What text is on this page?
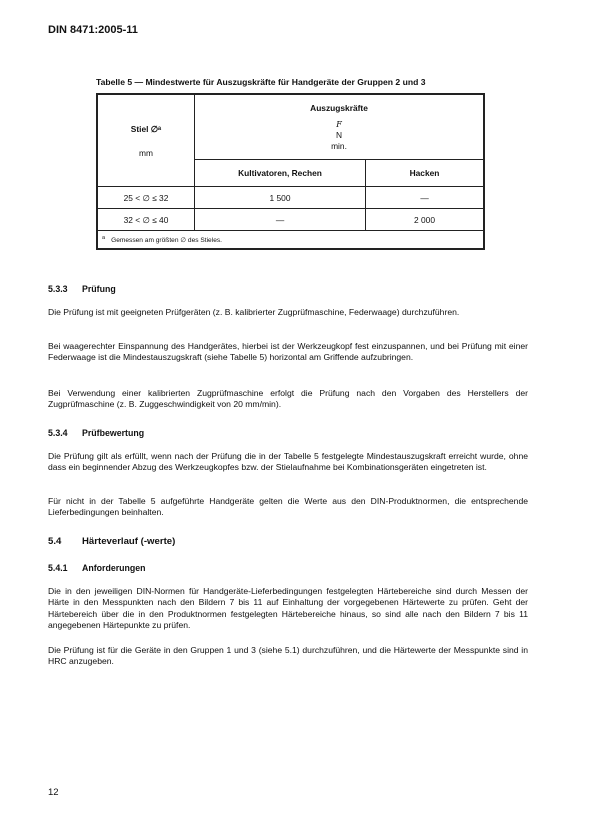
DIN 8471:2005-11
Tabelle 5 — Mindestwerte für Auszugskräfte für Handgeräte der Gruppen 2 und 3
Stiel ∅ᵃ
mm	Auszugskräfte
F
N
min.	

	Kultivatoren, Rechen	Hacken
25 < ∅ ≤ 32	1 500	—
32 < ∅ ≤ 40	—	2 000
$^a$ Gemessen am größten ∅ des Stieles.		
5.3.3 Prüfung
Die Prüfung ist mit geeigneten Prüfgeräten (z. B. kalibrierter Zugprüfmaschine, Federwaage) durchzuführen.
Bei waagerechter Einspannung des Handgerätes, hierbei ist der Werkzeugkopf fest einzuspannen, und bei Prüfung mit einer Federwaage ist die Mindestauszugskraft (siehe Tabelle 5) horizontal am Griffende aufzubringen.
Bei Verwendung einer kalibrierten Zugprüfmaschine erfolgt die Prüfung nach den Vorgaben des Herstellers der Zugprüfmaschine (z. B. Zuggeschwindigkeit von 20 mm/min).
5.3.4 Prüfbewertung
Die Prüfung gilt als erfüllt, wenn nach der Prüfung die in der Tabelle 5 festgelegte Mindestauszugskraft erreicht wurde, ohne dass ein beginnender Abzug des Werkzeugkopfes bzw. der Stielaufnahme bei Kombinationsgeräten eingetreten ist.
Für nicht in der Tabelle 5 aufgeführte Handgeräte gelten die Werte aus den DIN-Produktnormen, die entsprechende Lieferbedingungen beinhalten.
5.4 Härteverlauf (-werte)
5.4.1 Anforderungen
Die in den jeweiligen DIN-Normen für Handgeräte-Lieferbedingungen festgelegten Härtebereiche sind durch Messen der Härte in den Messpunkten nach den Bildern 7 bis 11 auf Einhaltung der vorgegebenen Härtewerte zu prüfen. Geht der Härtebereich über die in den Produktnormen festgelegten Härtebereiche hinaus, so sind alle nach den Bildern 7 bis 11 angegebenen Härtepunkte zu prüfen.
Die Prüfung ist für die Geräte in den Gruppen 1 und 3 (siehe 5.1) durchzuführen, und die Härtewerte der Messpunkte sind in HRC anzugeben.
12
